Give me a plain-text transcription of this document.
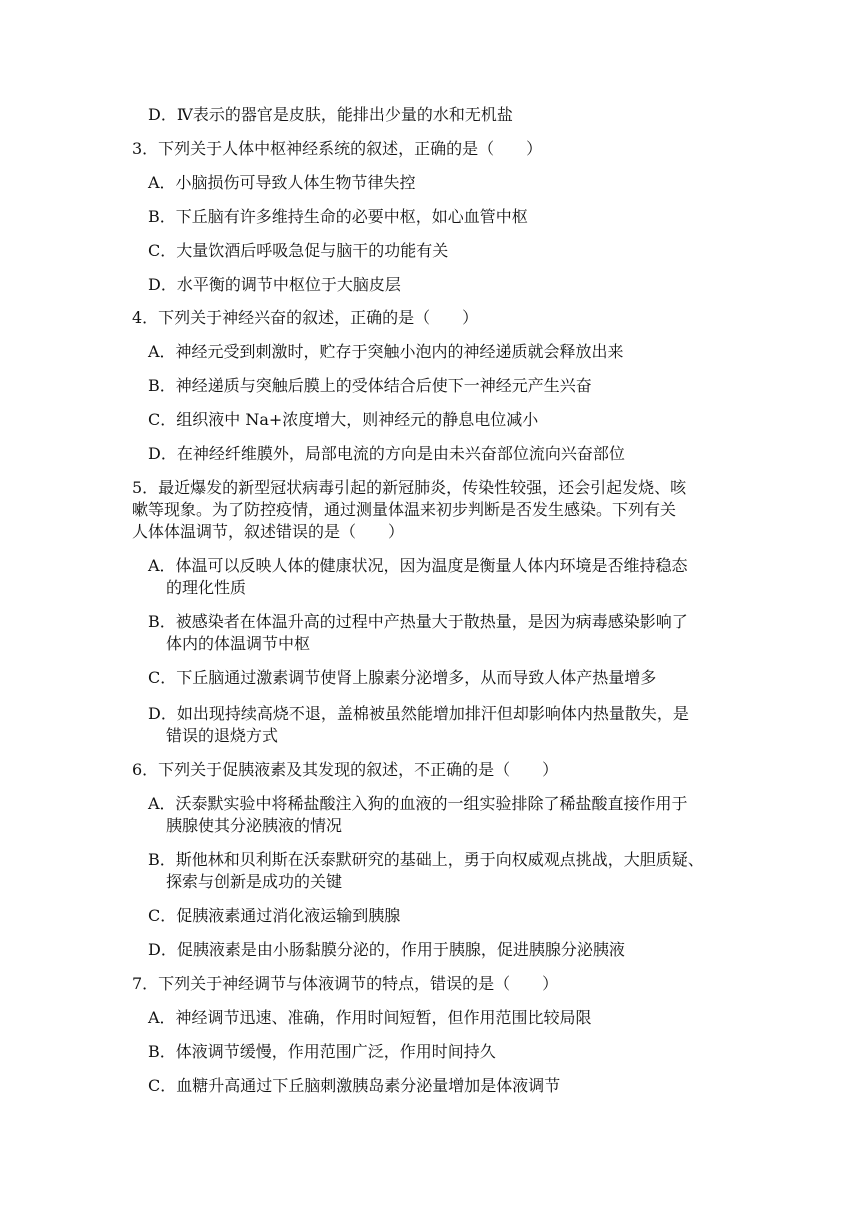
D．Ⅳ表示的器官是皮肤，能排出少量的水和无机盐
3．下列关于人体中枢神经系统的叙述，正确的是（　　）
A．小脑损伤可导致人体生物节律失控
B．下丘脑有许多维持生命的必要中枢，如心血管中枢
C．大量饮酒后呼吸急促与脑干的功能有关
D．水平衡的调节中枢位于大脑皮层
4．下列关于神经兴奋的叙述，正确的是（　　）
A．神经元受到刺激时，贮存于突触小泡内的神经递质就会释放出来
B．神经递质与突触后膜上的受体结合后使下一神经元产生兴奋
C．组织液中 Na+浓度增大，则神经元的静息电位减小
D．在神经纤维膜外，局部电流的方向是由未兴奋部位流向兴奋部位
5．最近爆发的新型冠状病毒引起的新冠肺炎，传染性较强，还会引起发烧、咳
嗽等现象。为了防控疫情，通过测量体温来初步判断是否发生感染。下列有关
人体体温调节，叙述错误的是（　　）
A．体温可以反映人体的健康状况，因为温度是衡量人体内环境是否维持稳态
的理化性质
B．被感染者在体温升高的过程中产热量大于散热量，是因为病毒感染影响了
体内的体温调节中枢
C．下丘脑通过激素调节使肾上腺素分泌增多，从而导致人体产热量增多
D．如出现持续高烧不退，盖棉被虽然能增加排汗但却影响体内热量散失，是
错误的退烧方式
6．下列关于促胰液素及其发现的叙述，不正确的是（　　）
A．沃泰默实验中将稀盐酸注入狗的血液的一组实验排除了稀盐酸直接作用于
胰腺使其分泌胰液的情况
B．斯他林和贝利斯在沃泰默研究的基础上，勇于向权威观点挑战，大胆质疑、
探索与创新是成功的关键
C．促胰液素通过消化液运输到胰腺
D．促胰液素是由小肠黏膜分泌的，作用于胰腺，促进胰腺分泌胰液
7．下列关于神经调节与体液调节的特点，错误的是（　　）
A．神经调节迅速、准确，作用时间短暂，但作用范围比较局限
B．体液调节缓慢，作用范围广泛，作用时间持久
C．血糖升高通过下丘脑刺激胰岛素分泌量增加是体液调节
